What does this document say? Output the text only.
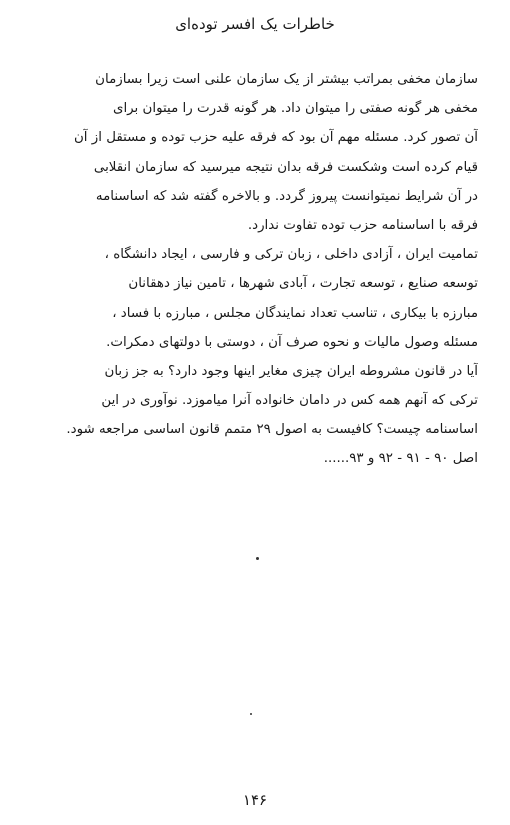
خاطرات یک افسر توده‌ای
سازمان مخفی بمراتب بیشتر از یک سازمان علنی است زیرا بسازمان
مخفی هر گونه صفتی را میتوان داد. هر گونه قدرت را میتوان برای
آن تصور کرد. مسئله مهم آن بود که فرقه علیه حزب توده و مستقل از آن
قیام کرده است وشکست فرقه بدان نتیجه میرسید که سازمان انقلابی
در آن شرایط نمیتوانست پیروز گردد. و بالاخره گفته شد که اساسنامه
فرقه با اساسنامه حزب توده تفاوت ندارد.
تمامیت ایران ، آزادی داخلی ، زبان ترکی و فارسی ، ایجاد دانشگاه ،
توسعه صنایع ، توسعه تجارت ، آبادی شهرها ، تامین نیاز دهقانان
مبارزه با بیکاری ، تناسب تعداد نمایندگان مجلس ، مبارزه با فساد ،
مسئله وصول مالیات و نحوه صرف آن ، دوستی با دولتهای دمکرات.
آیا در قانون مشروطه ایران چیزی مغایر اینها وجود دارد؟ به جز زبان
ترکی که آنهم همه کس در دامان خانواده آنرا میاموزد. نوآوری در این
اساسنامه چیست؟ کافیست به اصول ۲۹ متمم قانون اساسی مراجعه شود.
اصل ۹۰ - ۹۱ - ۹۲ و ۹۳......
۱۴۶
